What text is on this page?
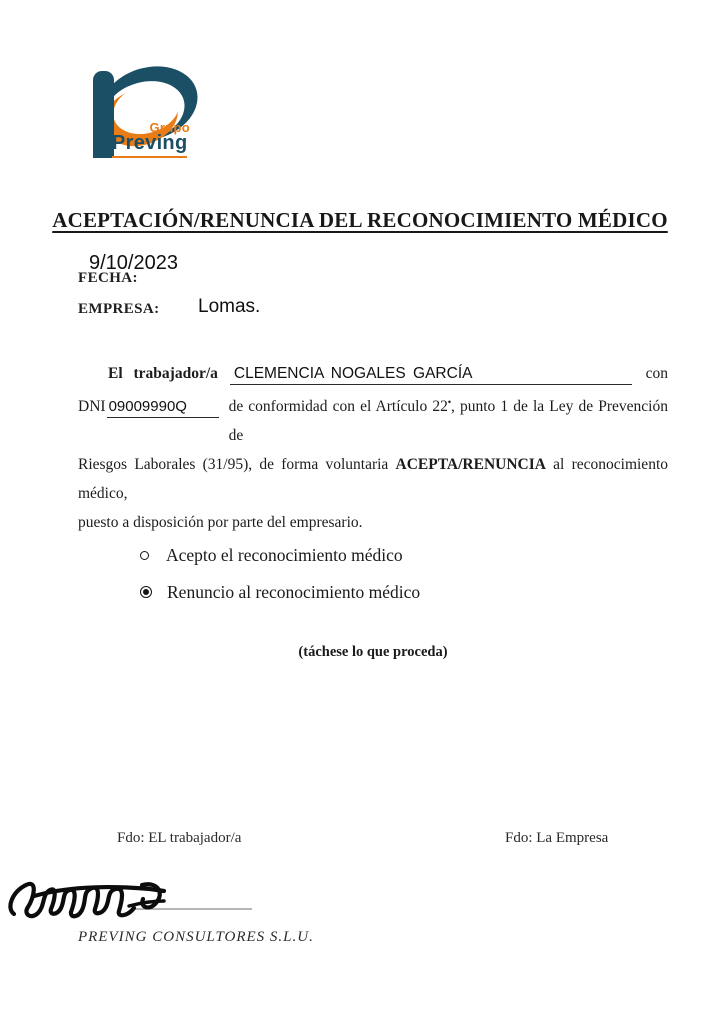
Grupo
Preving
ACEPTACIÓN/RENUNCIA DEL RECONOCIMIENTO MÉDICO
9/10/2023
FECHA:
EMPRESA: Lomas.
El trabajador/a CLEMENCIA NOGALES GARCÍA	con
DNI 09009990Q	de conformidad con el Artículo 22•, punto 1 de la Ley de Prevención de
Riesgos Laborales (31/95), de forma voluntaria ACEPTA/RENUNCIA al reconocimiento médico,
puesto a disposición por parte del empresario.
Acepto el reconocimiento médico
Renuncio al reconocimiento médico
(táchese lo que proceda)
Fdo: EL trabajador/a	Fdo: La Empresa
PREVING CONSULTORES S.L.U.
